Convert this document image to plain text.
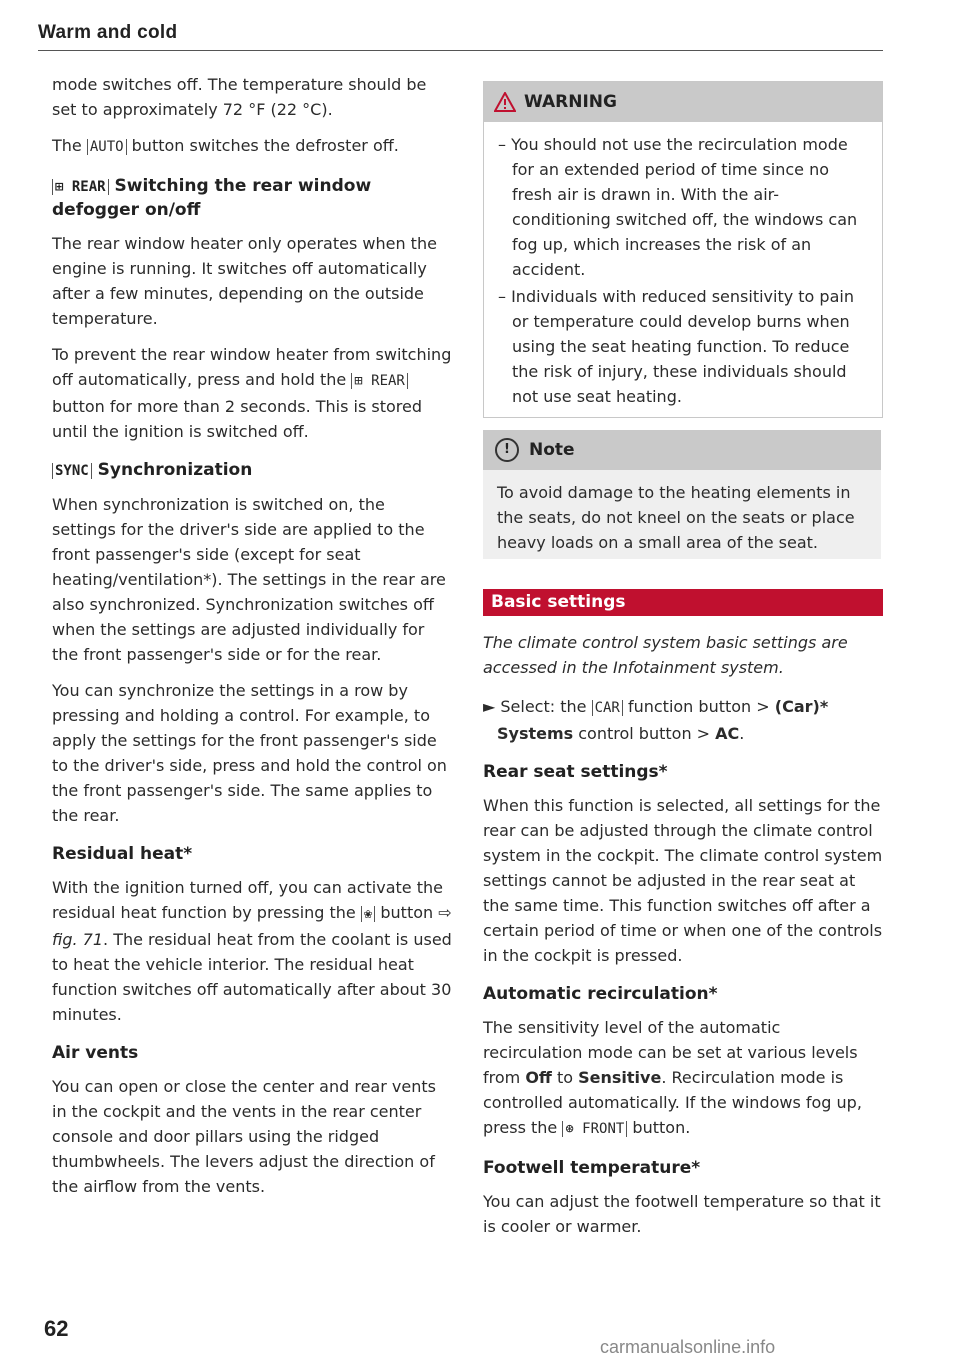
Warm and cold

mode switches off. The temperature should be set to approximately 72 °F (22 °C).

The AUTO button switches the defroster off.

⊞ REAR Switching the rear window defogger on/off

The rear window heater only operates when the engine is running. It switches off automatically after a few minutes, depending on the outside temperature.

To prevent the rear window heater from switching off automatically, press and hold the ⊞ REAR button for more than 2 seconds. This is stored until the ignition is switched off.

SYNC Synchronization

When synchronization is switched on, the settings for the driver's side are applied to the front passenger's side (except for seat heating/ventilation*). The settings in the rear are also synchronized. Synchronization switches off when the settings are adjusted individually for the front passenger's side or for the rear.

You can synchronize the settings in a row by pressing and holding a control. For example, to apply the settings for the front passenger's side to the driver's side, press and hold the control on the front passenger's side. The same applies to the rear.

Residual heat*

With the ignition turned off, you can activate the residual heat function by pressing the ❀ button ⇨ fig. 71. The residual heat from the coolant is used to heat the vehicle interior. The residual heat function switches off automatically after about 30 minutes.

Air vents

You can open or close the center and rear vents in the cockpit and the vents in the rear center console and door pillars using the ridged thumbwheels. The levers adjust the direction of the airflow from the vents.

WARNING
– You should not use the recirculation mode for an extended period of time since no fresh air is drawn in. With the air-conditioning switched off, the windows can fog up, which increases the risk of an accident.
– Individuals with reduced sensitivity to pain or temperature could develop burns when using the seat heating function. To reduce the risk of injury, these individuals should not use seat heating.
!	Note
To avoid damage to the heating elements in the seats, do not kneel on the seats or place heavy loads on a small area of the seat.
Basic settings

The climate control system basic settings are accessed in the Infotainment system.

► Select: the CAR function button > (Car)* Systems control button > AC.

Rear seat settings*

When this function is selected, all settings for the rear can be adjusted through the climate control system in the cockpit. The climate control system settings cannot be adjusted in the rear seat at the same time. This function switches off after a certain period of time or when one of the controls in the cockpit is pressed.

Automatic recirculation*

The sensitivity level of the automatic recirculation mode can be set at various levels from Off to Sensitive. Recirculation mode is controlled automatically. If the windows fog up, press the ⊛ FRONT button.

Footwell temperature*

You can adjust the footwell temperature so that it is cooler or warmer.

62
carmanualsonline.info
